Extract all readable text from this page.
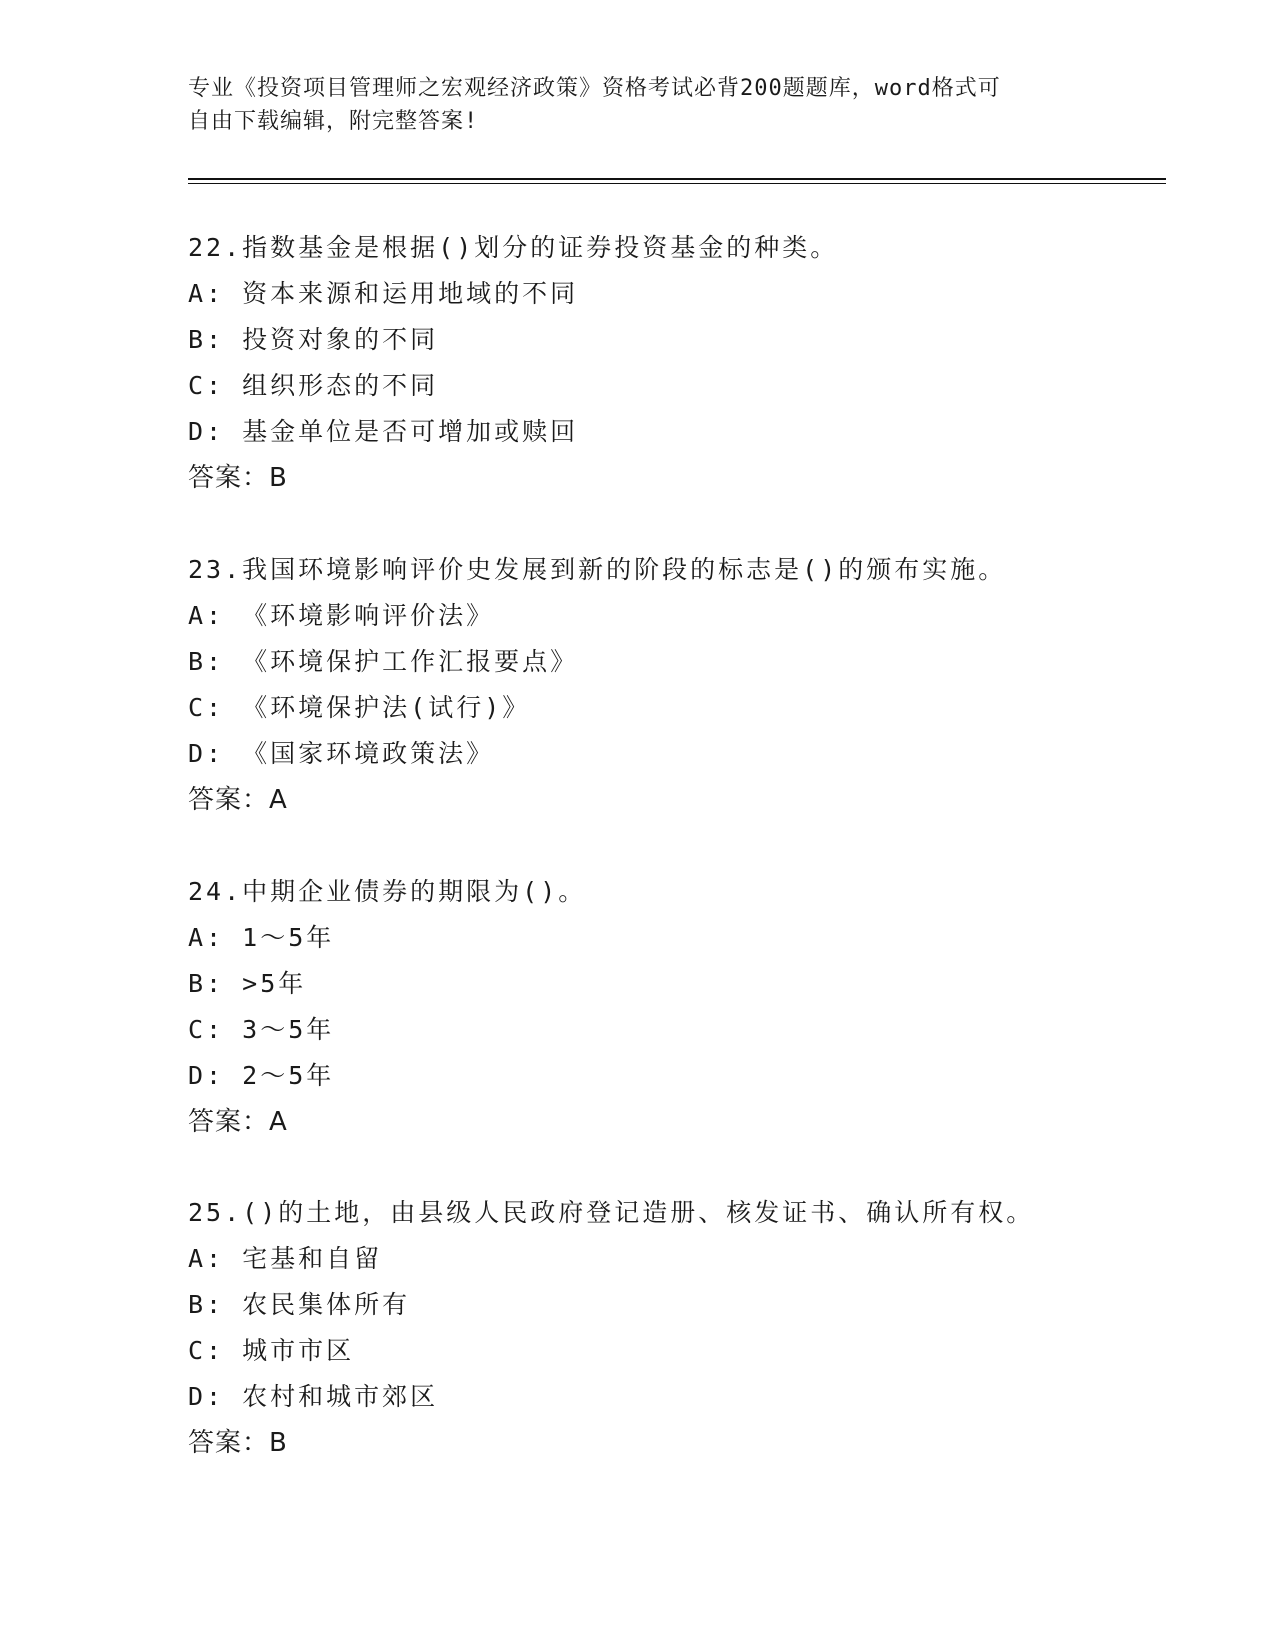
专业《投资项目管理师之宏观经济政策》资格考试必背200题题库，word格式可
自由下载编辑，附完整答案!
22.指数基金是根据()划分的证券投资基金的种类。
A: 资本来源和运用地域的不同
B: 投资对象的不同
C: 组织形态的不同
D: 基金单位是否可增加或赎回
答案：B
23.我国环境影响评价史发展到新的阶段的标志是()的颁布实施。
A: 《环境影响评价法》
B: 《环境保护工作汇报要点》
C: 《环境保护法(试行)》
D: 《国家环境政策法》
答案：A
24.中期企业债券的期限为()。
A: 1～5年
B: >5年
C: 3～5年
D: 2～5年
答案：A
25.()的土地，由县级人民政府登记造册、核发证书、确认所有权。
A: 宅基和自留
B: 农民集体所有
C: 城市市区
D: 农村和城市郊区
答案：B
